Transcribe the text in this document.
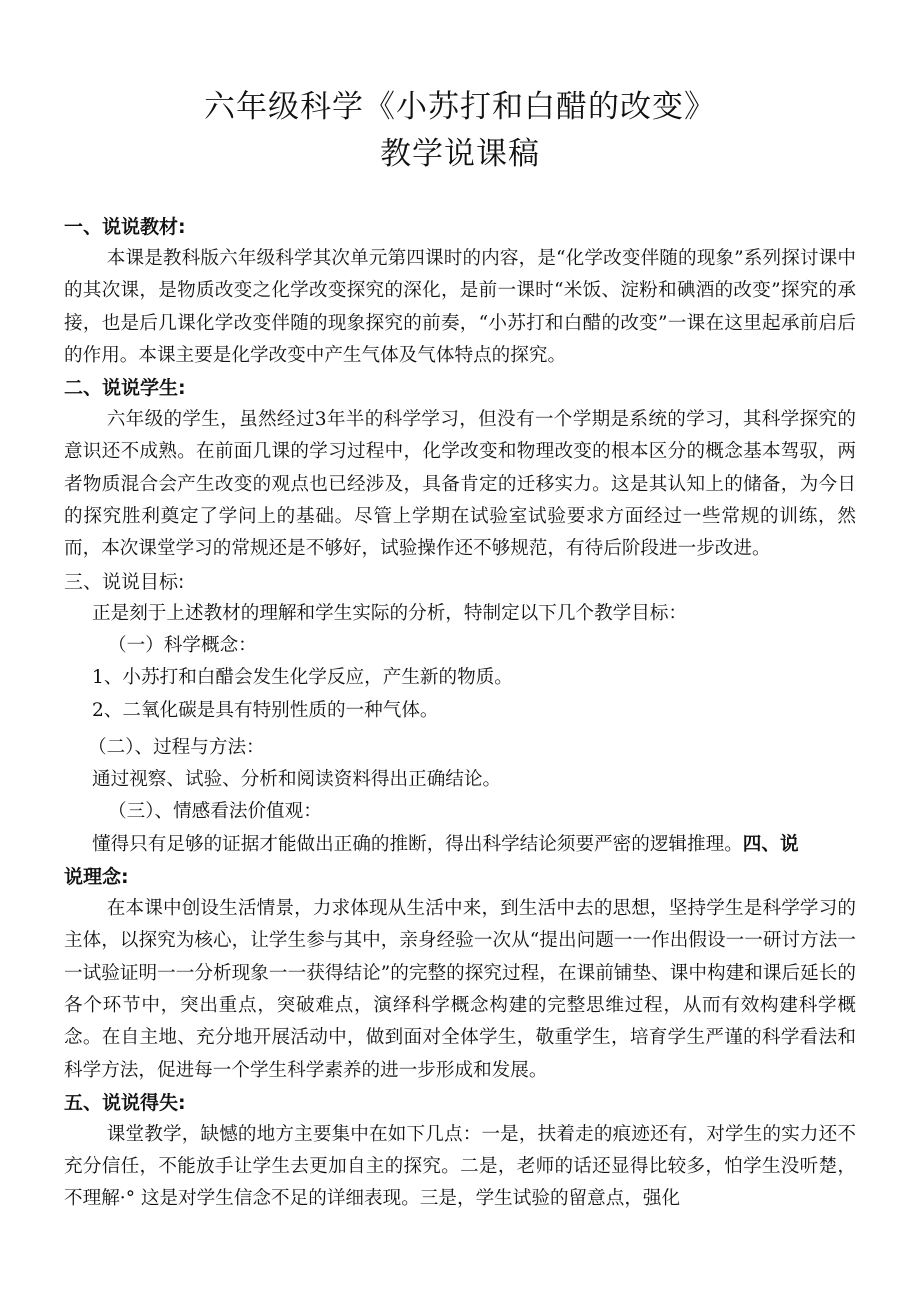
六年级科学《小苏打和白醋的改变》
教学说课稿

一、说说教材:

本课是教科版六年级科学其次单元第四课时的内容，是“化学改变伴随的现象”系列探讨课中的其次课，是物质改变之化学改变探究的深化，是前一课时“米饭、淀粉和碘酒的改变”探究的承接，也是后几课化学改变伴随的现象探究的前奏，“小苏打和白醋的改变”一课在这里起承前启后的作用。本课主要是化学改变中产生气体及气体特点的探究。

二、说说学生:

六年级的学生，虽然经过3年半的科学学习，但没有一个学期是系统的学习，其科学探究的意识还不成熟。在前面几课的学习过程中，化学改变和物理改变的根本区分的概念基本驾驭，两者物质混合会产生改变的观点也已经涉及，具备肯定的迁移实力。这是其认知上的储备，为今日的探究胜利奠定了学问上的基础。尽管上学期在试验室试验要求方面经过一些常规的训练，然而，本次课堂学习的常规还是不够好，试验操作还不够规范，有待后阶段进一步改进。

三、说说目标:

正是刻于上述教材的理解和学生实际的分析，特制定以下几个教学目标：

（一）科学概念：

1、小苏打和白醋会发生化学反应，产生新的物质。

2、二氧化碳是具有特别性质的一种气体。

（二）、过程与方法：

通过视察、试验、分析和阅读资料得出正确结论。

（三）、情感看法价值观：

懂得只有足够的证据才能做出正确的推断，得出科学结论须要严密的逻辑推理。四、说

说理念:

在本课中创设生活情景，力求体现从生活中来，到生活中去的思想，坚持学生是科学学习的主体，以探究为核心，让学生参与其中，亲身经验一次从“提出问题一一作出假设一一研讨方法一一试验证明一一分析现象一一获得结论”的完整的探究过程，在课前铺垫、课中构建和课后延长的各个环节中，突出重点，突破难点，演绎科学概念构建的完整思维过程，从而有效构建科学概念。在自主地、充分地开展活动中，做到面对全体学生，敬重学生，培育学生严谨的科学看法和科学方法，促进每一个学生科学素养的进一步形成和发展。

五、说说得失:

课堂教学，缺憾的地方主要集中在如下几点：一是，扶着走的痕迹还有，对学生的实力还不充分信任，不能放手让学生去更加自主的探究。二是，老师的话还显得比较多，怕学生没听楚，不理解·° 这是对学生信念不足的详细表现。三是，学生试验的留意点，强化
